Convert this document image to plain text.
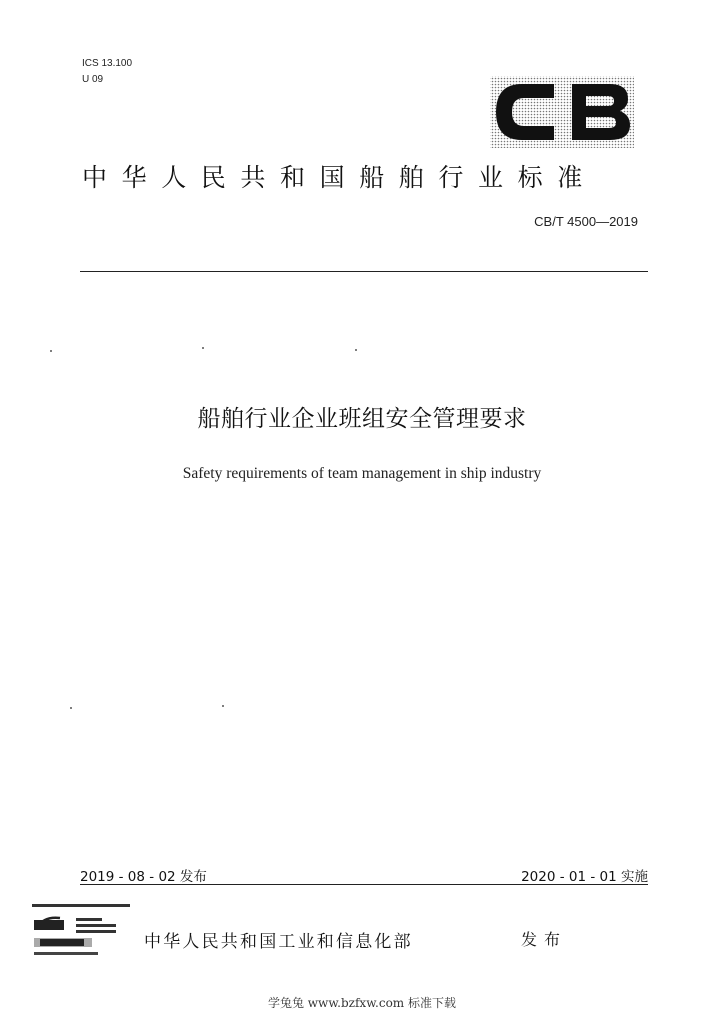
ICS 13.100
U 09
中华人民共和国船舶行业标准
CB/T 4500—2019
船舶行业企业班组安全管理要求
Safety requirements of team management in ship industry
2019 - 08 - 02 发布	2020 - 01 - 01 实施
中华人民共和国工业和信息化部	发布
学兔兔 www.bzfxw.com 标准下载
